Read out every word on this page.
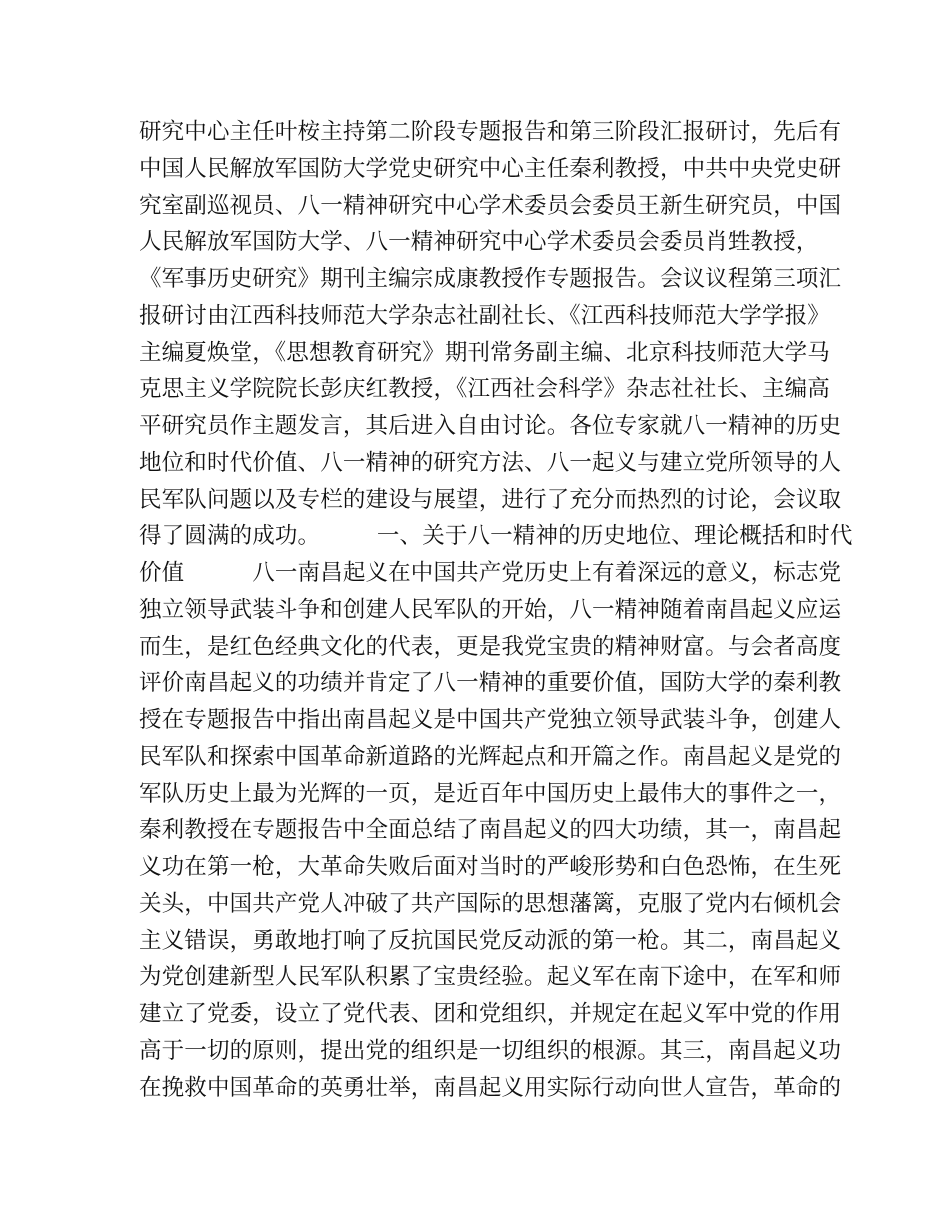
研究中心主任叶桉主持第二阶段专题报告和第三阶段汇报研讨，先后有
中国人民解放军国防大学党史研究中心主任秦利教授，中共中央党史研
究室副巡视员、八一精神研究中心学术委员会委员王新生研究员，中国
人民解放军国防大学、八一精神研究中心学术委员会委员肖甡教授，
《军事历史研究》期刊主编宗成康教授作专题报告。会议议程第三项汇
报研讨由江西科技师范大学杂志社副社长、《江西科技师范大学学报》
主编夏焕堂，《思想教育研究》期刊常务副主编、北京科技师范大学马
克思主义学院院长彭庆红教授，《江西社会科学》杂志社社长、主编高
平研究员作主题发言，其后进入自由讨论。各位专家就八一精神的历史
地位和时代价值、八一精神的研究方法、八一起义与建立党所领导的人
民军队问题以及专栏的建设与展望，进行了充分而热烈的讨论，会议取
得了圆满的成功。　　　一、关于八一精神的历史地位、理论概括和时代
价值　　　八一南昌起义在中国共产党历史上有着深远的意义，标志党
独立领导武装斗争和创建人民军队的开始，八一精神随着南昌起义应运
而生，是红色经典文化的代表，更是我党宝贵的精神财富。与会者高度
评价南昌起义的功绩并肯定了八一精神的重要价值，国防大学的秦利教
授在专题报告中指出南昌起义是中国共产党独立领导武装斗争，创建人
民军队和探索中国革命新道路的光辉起点和开篇之作。南昌起义是党的
军队历史上最为光辉的一页，是近百年中国历史上最伟大的事件之一，
秦利教授在专题报告中全面总结了南昌起义的四大功绩，其一，南昌起
义功在第一枪，大革命失败后面对当时的严峻形势和白色恐怖，在生死
关头，中国共产党人冲破了共产国际的思想藩篱，克服了党内右倾机会
主义错误，勇敢地打响了反抗国民党反动派的第一枪。其二，南昌起义
为党创建新型人民军队积累了宝贵经验。起义军在南下途中，在军和师
建立了党委，设立了党代表、团和党组织，并规定在起义军中党的作用
高于一切的原则，提出党的组织是一切组织的根源。其三，南昌起义功
在挽救中国革命的英勇壮举，南昌起义用实际行动向世人宣告，革命的
